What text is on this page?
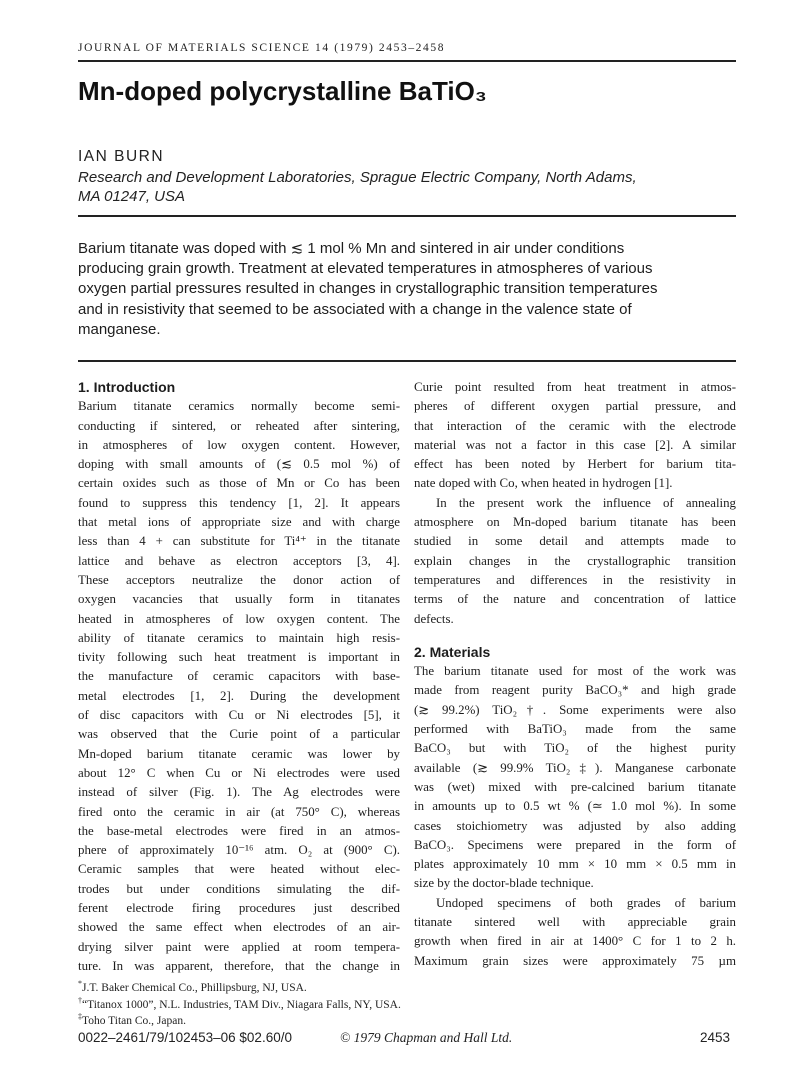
JOURNAL OF MATERIALS SCIENCE 14 (1979) 2453–2458
Mn-doped polycrystalline BaTiO₃
IAN BURN
Research and Development Laboratories, Sprague Electric Company, North Adams,
MA 01247, USA
Barium titanate was doped with ≲ 1 mol % Mn and sintered in air under conditions
producing grain growth. Treatment at elevated temperatures in atmospheres of various
oxygen partial pressures resulted in changes in crystallographic transition temperatures
and in resistivity that seemed to be associated with a change in the valence state of
manganese.
1. Introduction
Barium titanate ceramics normally become semi-
conducting if sintered, or reheated after sintering,
in atmospheres of low oxygen content. However,
doping with small amounts of (≲ 0.5 mol %) of
certain oxides such as those of Mn or Co has been
found to suppress this tendency [1, 2]. It appears
that metal ions of appropriate size and with charge
less than 4 + can substitute for Ti⁴⁺ in the titanate
lattice and behave as electron acceptors [3, 4].
These acceptors neutralize the donor action of
oxygen vacancies that usually form in titanates
heated in atmospheres of low oxygen content. The
ability of titanate ceramics to maintain high resis-
tivity following such heat treatment is important in
the manufacture of ceramic capacitors with base-
metal electrodes [1, 2]. During the development
of disc capacitors with Cu or Ni electrodes [5], it
was observed that the Curie point of a particular
Mn-doped barium titanate ceramic was lower by
about 12° C when Cu or Ni electrodes were used
instead of silver (Fig. 1). The Ag electrodes were
fired onto the ceramic in air (at 750° C), whereas
the base-metal electrodes were fired in an atmos-
phere of approximately 10⁻¹⁶ atm. O₂ at (900° C).
Ceramic samples that were heated without elec-
trodes but under conditions simulating the dif-
ferent electrode firing procedures just described
showed the same effect when electrodes of an air-
drying silver paint were applied at room tempera-
ture. In was apparent, therefore, that the change in
Curie point resulted from heat treatment in atmos-
pheres of different oxygen partial pressure, and
that interaction of the ceramic with the electrode
material was not a factor in this case [2]. A similar
effect has been noted by Herbert for barium tita-
nate doped with Co, when heated in hydrogen [1].
In the present work the influence of annealing
atmosphere on Mn-doped barium titanate has been
studied in some detail and attempts made to
explain changes in the crystallographic transition
temperatures and differences in the resistivity in
terms of the nature and concentration of lattice
defects.
2. Materials
The barium titanate used for most of the work was
made from reagent purity BaCO₃* and high grade
(≳ 99.2%) TiO₂†. Some experiments were also
performed with BaTiO₃ made from the same
BaCO₃ but with TiO₂ of the highest purity
available (≳ 99.9% TiO₂‡). Manganese carbonate
was (wet) mixed with pre-calcined barium titanate
in amounts up to 0.5 wt % (≃ 1.0 mol %). In some
cases stoichiometry was adjusted by also adding
BaCO₃. Specimens were prepared in the form of
plates approximately 10 mm × 10 mm × 0.5 mm in
size by the doctor-blade technique.
Undoped specimens of both grades of barium
titanate sintered well with appreciable grain
growth when fired in air at 1400° C for 1 to 2 h.
Maximum grain sizes were approximately 75 µm
*J.T. Baker Chemical Co., Phillipsburg, NJ, USA.
†“Titanox 1000”, N.L. Industries, TAM Div., Niagara Falls, NY, USA.
‡Toho Titan Co., Japan.
0022–2461/79/102453–06 $02.60/0	© 1979 Chapman and Hall Ltd.	2453
